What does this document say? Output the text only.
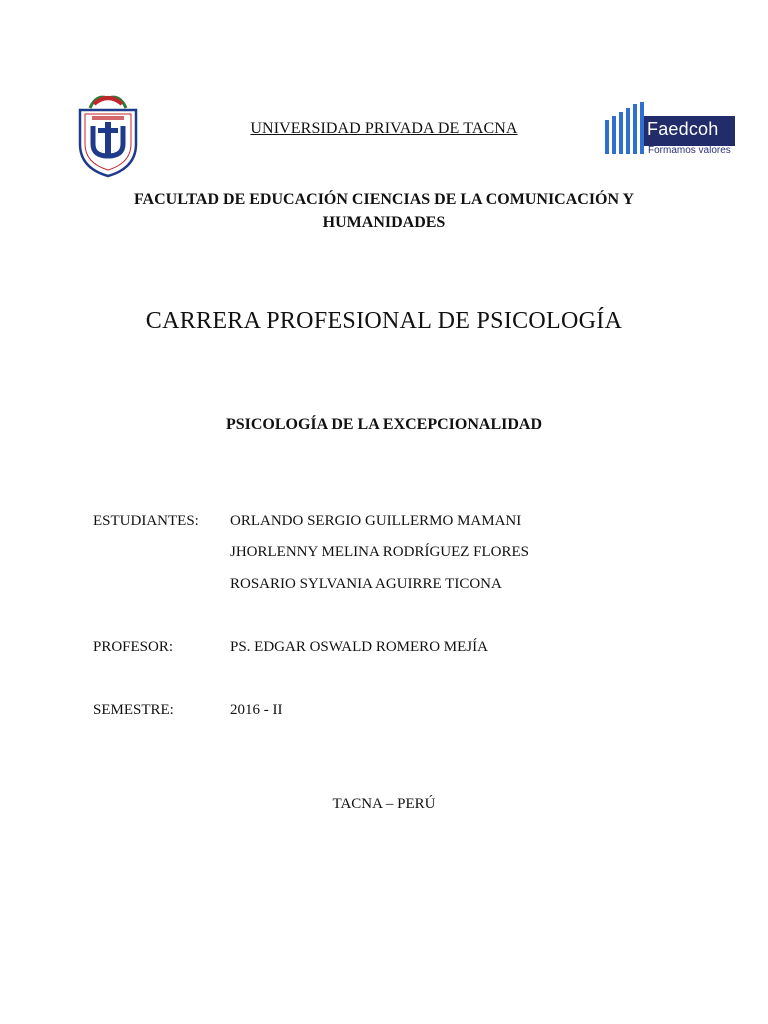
UNIVERSIDAD PRIVADA DE TACNA	Faedcoh
Formamos valores
FACULTAD DE EDUCACIÓN CIENCIAS DE LA COMUNICACIÓN Y HUMANIDADES
CARRERA PROFESIONAL DE PSICOLOGÍA
PSICOLOGÍA DE LA EXCEPCIONALIDAD
ESTUDIANTES: ORLANDO SERGIO GUILLERMO MAMANI
JHORLENNY MELINA RODRÍGUEZ FLORES
ROSARIO SYLVANIA AGUIRRE TICONA
PROFESOR:	PS. EDGAR OSWALD ROMERO MEJÍA
SEMESTRE:	2016 - II
TACNA – PERÚ
